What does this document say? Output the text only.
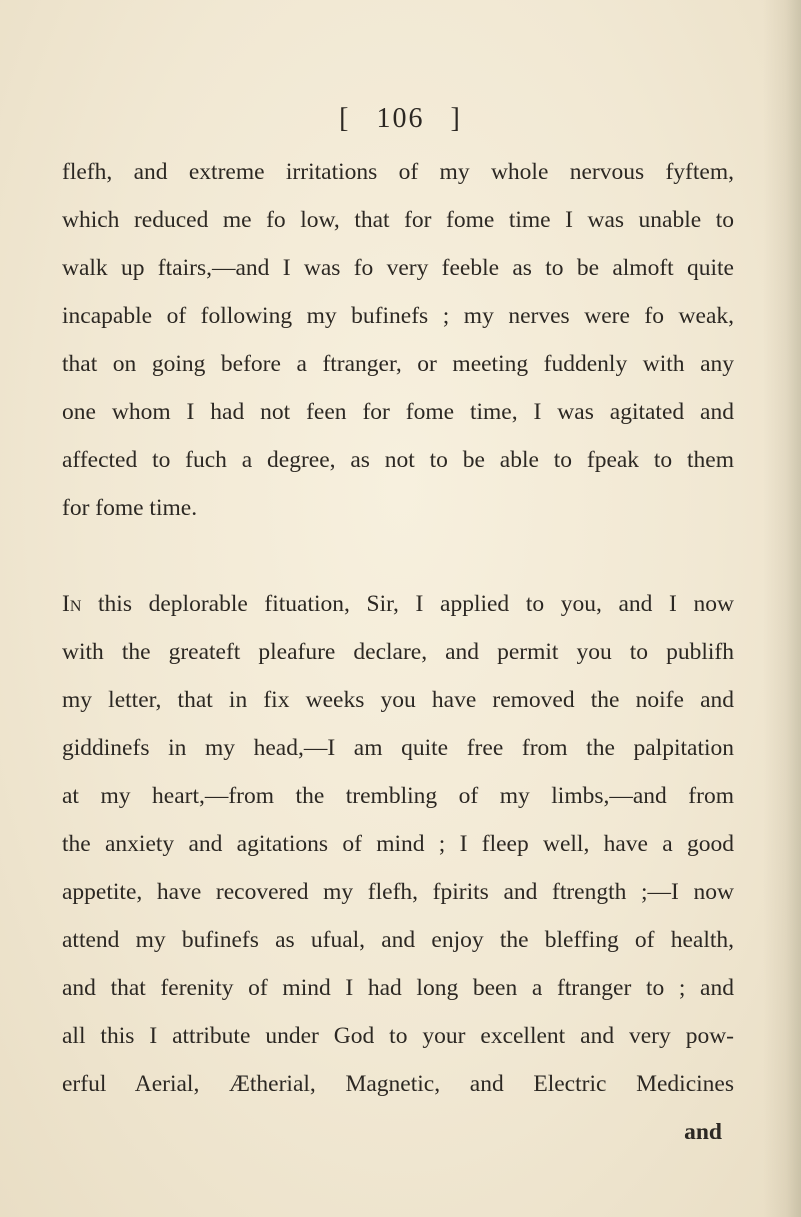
[ 106 ]
flefh, and extreme irritations of my whole nervous fyftem,
which reduced me fo low, that for fome time I was unable to
walk up ftairs,—and I was fo very feeble as to be almoft quite
incapable of following my bufinefs ; my nerves were fo weak,
that on going before a ftranger, or meeting fuddenly with any
one whom I had not feen for fome time, I was agitated and
affected to fuch a degree, as not to be able to fpeak to them
for fome time.
In this deplorable fituation, Sir, I applied to you, and I now
with the greateft pleafure declare, and permit you to publifh
my letter, that in fix weeks you have removed the noife and
giddinefs in my head,—I am quite free from the palpitation
at my heart,—from the trembling of my limbs,—and from
the anxiety and agitations of mind ; I fleep well, have a good
appetite, have recovered my flefh, fpirits and ftrength ;—I now
attend my bufinefs as ufual, and enjoy the bleffing of health,
and that ferenity of mind I had long been a ftranger to ; and
all this I attribute under God to your excellent and very pow-
erful Aerial, Ætherial, Magnetic, and Electric Medicines
and
